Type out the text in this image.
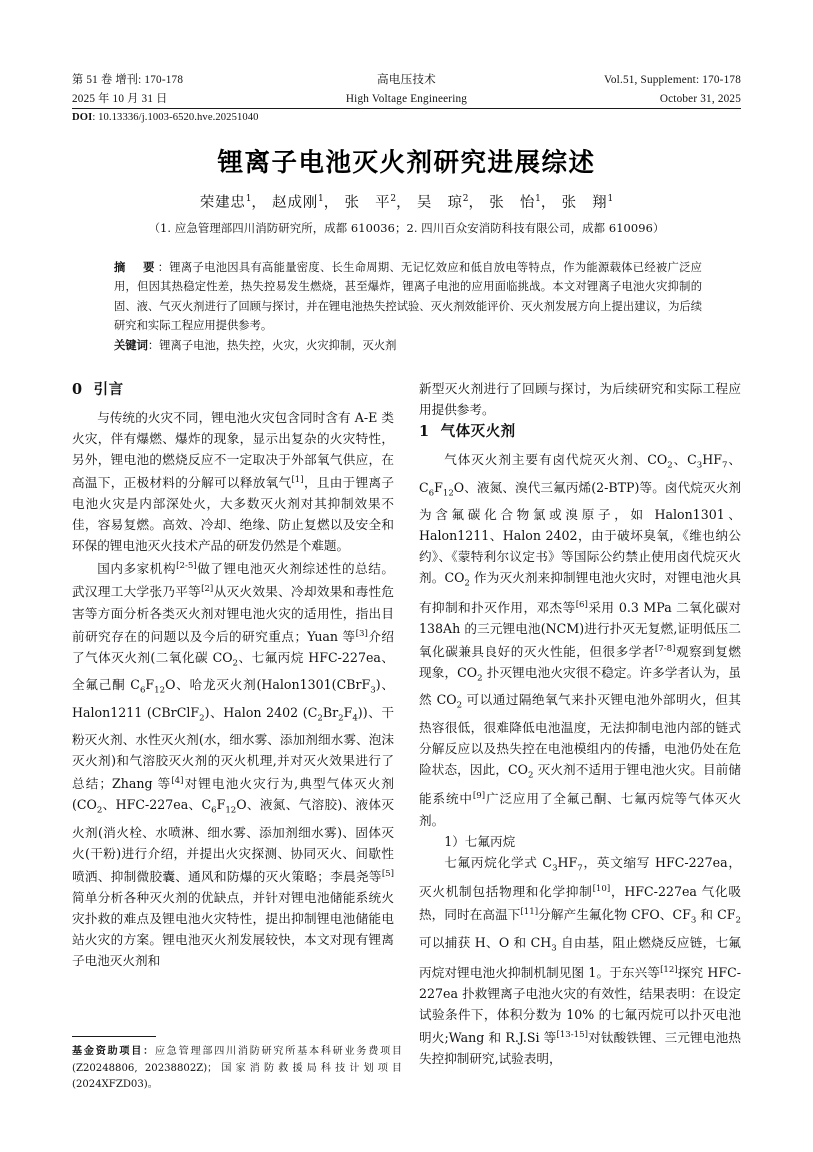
第 51 卷 增刊: 170-178	高电压技术	Vol.51, Supplement: 170-178
2025 年 10 月 31 日	High Voltage Engineering	October 31, 2025
DOI: 10.13336/j.1003-6520.hve.20251040
锂离子电池灭火剂研究进展综述
荣建忠$^1$， 赵成刚$^1$， 张　平$^2$， 吴　琼$^2$， 张　怡$^1$， 张　翔$^1$
（1. 应急管理部四川消防研究所，成都 610036；2. 四川百众安消防科技有限公司，成都 610096）
摘　要：锂离子电池因具有高能量密度、长生命周期、无记忆效应和低自放电等特点，作为能源载体已经被广泛应用，但因其热稳定性差，热失控易发生燃烧，甚至爆炸，锂离子电池的应用面临挑战。本文对锂离子电池火灾抑制的固、液、气灭火剂进行了回顾与探讨，并在锂电池热失控试验、灭火剂效能评价、灭火剂发展方向上提出建议，为后续研究和实际工程应用提供参考。
关键词：锂离子电池，热失控，火灾，火灾抑制，灭火剂
0 引言

与传统的火灾不同，锂电池火灾包含同时含有 A-E 类火灾，伴有爆燃、爆炸的现象，显示出复杂的火灾特性，另外，锂电池的燃烧反应不一定取决于外部氧气供应，在高温下，正极材料的分解可以释放氧气[1]，且由于锂离子电池火灾是内部深处火，大多数灭火剂对其抑制效果不佳，容易复燃。高效、冷却、绝缘、防止复燃以及安全和环保的锂电池灭火技术产品的研发仍然是个难题。

国内多家机构[2-5]做了锂电池灭火剂综述性的总结。武汉理工大学张乃平等[2]从灭火效果、冷却效果和毒性危害等方面分析各类灭火剂对锂电池火灾的适用性，指出目前研究存在的问题以及今后的研究重点；Yuan 等[3]介绍了气体灭火剂(二氧化碳 $CO_2$、七氟丙烷 HFC-227ea、全氟己酮 $C_6F_{12}O$、哈龙灭火剂(Halon1301(CBrF$_3$)、Halon1211 (CBrClF$_2$)、Halon 2402 $(C_2Br_2F_4)$)、干粉灭火剂、水性灭火剂(水，细水雾、添加剂细水雾、泡沫灭火剂)和气溶胶灭火剂的灭火机理,并对灭火效果进行了总结；Zhang 等[4]对锂电池火灾行为,典型气体灭火剂($CO_2$、HFC-227ea、$C_6F_{12}O$、液氮、气溶胶)、液体灭火剂(消火栓、水喷淋、细水雾、添加剂细水雾)、固体灭火(干粉)进行介绍，并提出火灾探测、协同灭火、间歇性喷洒、抑制微胶囊、通风和防爆的灭火策略；李晨尧等[5]简单分析各种灭火剂的优缺点，并针对锂电池储能系统火灾扑救的难点及锂电池火灾特性，提出抑制锂电池储能电站火灾的方案。锂电池灭火剂发展较快，本文对现有锂离子电池灭火剂和

新型灭火剂进行了回顾与探讨，为后续研究和实际工程应用提供参考。

1 气体灭火剂

气体灭火剂主要有卤代烷灭火剂、$CO_2$、$C_3HF_7$、$C_6F_{12}O$、液氮、溴代三氟丙烯(2-BTP)等。卤代烷灭火剂为含氟碳化合物氯或溴原子，如 Halon1301、Halon1211、Halon 2402，由于破坏臭氧，《维也纳公约》、《蒙特利尔议定书》等国际公约禁止使用卤代烷灭火剂。$CO_2$ 作为灭火剂来抑制锂电池火灾时，对锂电池火具有抑制和扑灭作用，邓杰等[6]采用 0.3 MPa 二氧化碳对 138Ah 的三元锂电池(NCM)进行扑灭无复燃,证明低压二氧化碳兼具良好的灭火性能，但很多学者[7-8]观察到复燃现象，$CO_2$ 扑灭锂电池火灾很不稳定。许多学者认为，虽然 $CO_2$ 可以通过隔绝氧气来扑灭锂电池外部明火，但其热容很低，很难降低电池温度，无法抑制电池内部的链式分解反应以及热失控在电池模组内的传播，电池仍处在危险状态，因此，$CO_2$ 灭火剂不适用于锂电池火灾。目前储能系统中[9]广泛应用了全氟己酮、七氟丙烷等气体灭火剂。

1）七氟丙烷

七氟丙烷化学式 $C_3HF_7$，英文缩写 HFC-227ea，灭火机制包括物理和化学抑制[10]，HFC-227ea 气化吸热，同时在高温下[11]分解产生氟化物 CFO、$CF_3$ 和 $CF_2$ 可以捕获 H、O 和 $CH_3$ 自由基，阻止燃烧反应链，七氟丙烷对锂电池火抑制机制见图 1。于东兴等[12]探究 HFC-227ea 扑救锂离子电池火灾的有效性，结果表明：在设定试验条件下，体积分数为 10% 的七氟丙烷可以扑灭电池明火;Wang 和 R.J.Si 等[13-15]对钛酸铁锂、三元锂电池热失控抑制研究,试验表明，

基金资助项目：应急管理部四川消防研究所基本科研业务费项目(Z20248806, 20238802Z)；国家消防救援局科技计划项目(2024XFZD03)。
